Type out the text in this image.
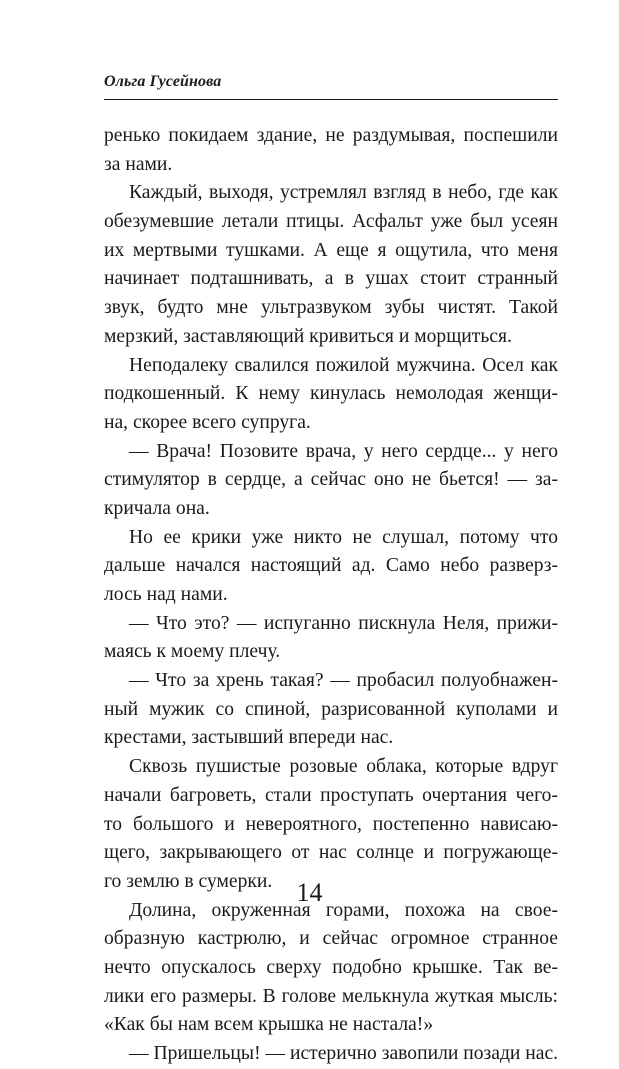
Ольга Гусейнова
ренько покидаем здание, не раздумывая, поспешили
за нами.
Каждый, выходя, устремлял взгляд в небо, где как
обезумевшие летали птицы. Асфальт уже был усеян
их мертвыми тушками. А еще я ощутила, что меня
начинает подташнивать, а в ушах стоит странный
звук, будто мне ультразвуком зубы чистят. Такой
мерзкий, заставляющий кривиться и морщиться.
Неподалеку свалился пожилой мужчина. Осел как
подкошенный. К нему кинулась немолодая женщи-
на, скорее всего супруга.
— Врача! Позовите врача, у него сердце... у него
стимулятор в сердце, а сейчас оно не бьется! — за-
кричала она.
Но ее крики уже никто не слушал, потому что
дальше начался настоящий ад. Само небо разверз-
лось над нами.
— Что это? — испуганно пискнула Неля, прижи-
маясь к моему плечу.
— Что за хрень такая? — пробасил полуобнажен-
ный мужик со спиной, разрисованной куполами и
крестами, застывший впереди нас.
Сквозь пушистые розовые облака, которые вдруг
начали багроветь, стали проступать очертания чего-
то большого и невероятного, постепенно нависаю-
щего, закрывающего от нас солнце и погружающе-
го землю в сумерки.
Долина, окруженная горами, похожа на свое-
образную кастрюлю, и сейчас огромное странное
нечто опускалось сверху подобно крышке. Так ве-
лики его размеры. В голове мелькнула жуткая мысль:
«Как бы нам всем крышка не настала!»
— Пришельцы! — истерично завопили позади нас.
14
